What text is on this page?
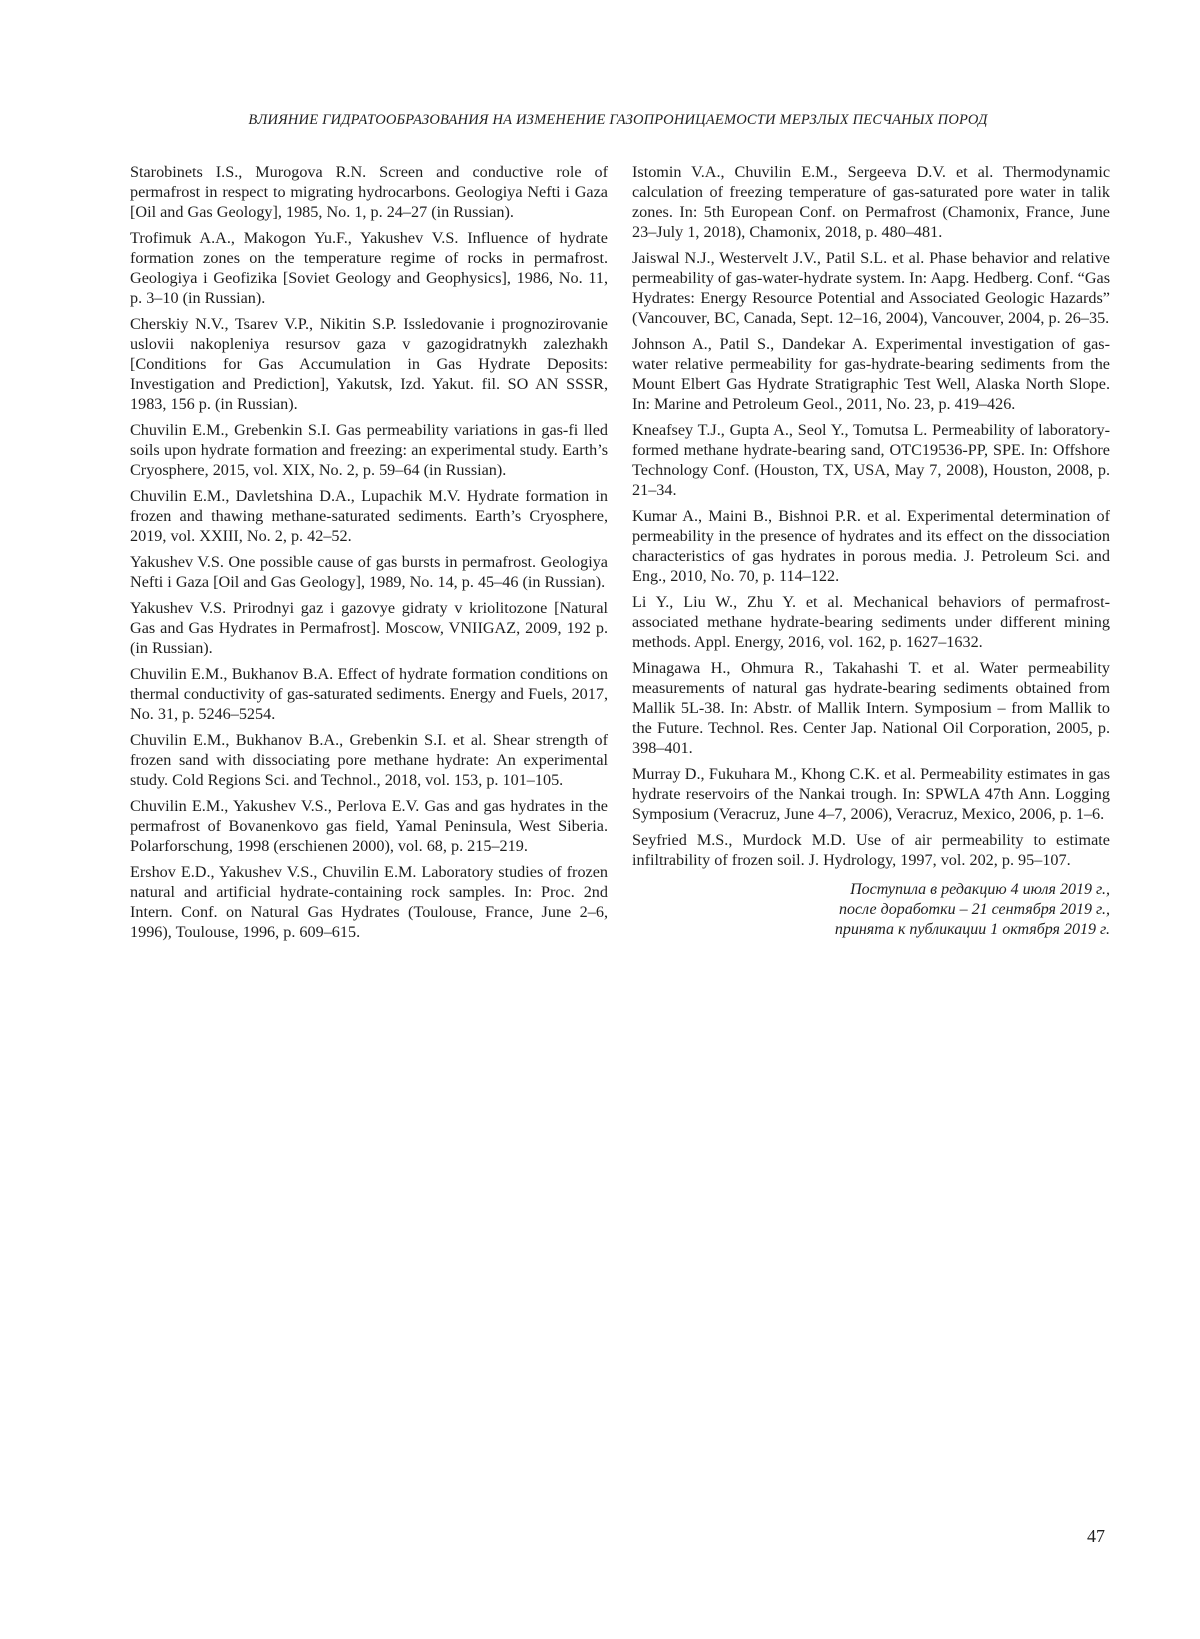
ВЛИЯНИЕ ГИДРАТООБРАЗОВАНИЯ НА ИЗМЕНЕНИЕ ГАЗОПРОНИЦАЕМОСТИ МЕРЗЛЫХ ПЕСЧАНЫХ ПОРОД

Starobinets I.S., Murogova R.N. Screen and conductive role of permafrost in respect to migrating hydrocarbons. Geologiya Nefti i Gaza [Oil and Gas Geology], 1985, No. 1, p. 24–27 (in Russian).

Trofimuk A.A., Makogon Yu.F., Yakushev V.S. Influence of hydrate formation zones on the temperature regime of rocks in permafrost. Geologiya i Geofizika [Soviet Geology and Geophysics], 1986, No. 11, p. 3–10 (in Russian).

Cherskiy N.V., Tsarev V.P., Nikitin S.P. Issledovanie i prognozirovanie uslovii nakopleniya resursov gaza v gazogidratnykh zalezhakh [Conditions for Gas Accumulation in Gas Hydrate Deposits: Investigation and Prediction], Yakutsk, Izd. Yakut. fil. SO AN SSSR, 1983, 156 p. (in Russian).

Chuvilin E.M., Grebenkin S.I. Gas permeability variations in gas-fi lled soils upon hydrate formation and freezing: an experimental study. Earth’s Cryosphere, 2015, vol. XIX, No. 2, p. 59–64 (in Russian).

Chuvilin E.M., Davletshina D.A., Lupachik M.V. Hydrate formation in frozen and thawing methane-saturated sediments. Earth’s Cryosphere, 2019, vol. XXIII, No. 2, p. 42–52.

Yakushev V.S. One possible cause of gas bursts in permafrost. Geologiya Nefti i Gaza [Oil and Gas Geology], 1989, No. 14, p. 45–46 (in Russian).

Yakushev V.S. Prirodnyi gaz i gazovye gidraty v kriolitozone [Natural Gas and Gas Hydrates in Permafrost]. Moscow, VNIIGAZ, 2009, 192 p. (in Russian).

Chuvilin E.M., Bukhanov B.A. Effect of hydrate formation conditions on thermal conductivity of gas-saturated sediments. Energy and Fuels, 2017, No. 31, p. 5246–5254.

Chuvilin E.M., Bukhanov B.A., Grebenkin S.I. et al. Shear strength of frozen sand with dissociating pore methane hydrate: An experimental study. Cold Regions Sci. and Technol., 2018, vol. 153, p. 101–105.

Chuvilin E.M., Yakushev V.S., Perlova E.V. Gas and gas hydrates in the permafrost of Bovanenkovo gas field, Yamal Peninsula, West Siberia. Polarforschung, 1998 (erschienen 2000), vol. 68, p. 215–219.

Ershov E.D., Yakushev V.S., Chuvilin E.M. Laboratory studies of frozen natural and artificial hydrate-containing rock samples. In: Proc. 2nd Intern. Conf. on Natural Gas Hydrates (Toulouse, France, June 2–6, 1996), Toulouse, 1996, p. 609–615.

Istomin V.A., Chuvilin E.M., Sergeeva D.V. et al. Thermodynamic calculation of freezing temperature of gas-saturated pore water in talik zones. In: 5th European Conf. on Permafrost (Chamonix, France, June 23–July 1, 2018), Chamonix, 2018, p. 480–481.

Jaiswal N.J., Westervelt J.V., Patil S.L. et al. Phase behavior and relative permeability of gas-water-hydrate system. In: Aapg. Hedberg. Conf. “Gas Hydrates: Energy Resource Potential and Associated Geologic Hazards” (Vancouver, BC, Canada, Sept. 12–16, 2004), Vancouver, 2004, p. 26–35.

Johnson A., Patil S., Dandekar A. Experimental investigation of gas-water relative permeability for gas-hydrate-bearing sediments from the Mount Elbert Gas Hydrate Stratigraphic Test Well, Alaska North Slope. In: Marine and Petroleum Geol., 2011, No. 23, p. 419–426.

Kneafsey T.J., Gupta A., Seol Y., Tomutsa L. Permeability of laboratory-formed methane hydrate-bearing sand, OTC19536-PP, SPE. In: Offshore Technology Conf. (Houston, TX, USA, May 7, 2008), Houston, 2008, p. 21–34.

Kumar A., Maini B., Bishnoi P.R. et al. Experimental determination of permeability in the presence of hydrates and its effect on the dissociation characteristics of gas hydrates in porous media. J. Petroleum Sci. and Eng., 2010, No. 70, p. 114–122.

Li Y., Liu W., Zhu Y. et al. Mechanical behaviors of permafrost-associated methane hydrate-bearing sediments under different mining methods. Appl. Energy, 2016, vol. 162, p. 1627–1632.

Minagawa H., Ohmura R., Takahashi T. et al. Water permeability measurements of natural gas hydrate-bearing sediments obtained from Mallik 5L-38. In: Abstr. of Mallik Intern. Symposium – from Mallik to the Future. Technol. Res. Center Jap. National Oil Corporation, 2005, p. 398–401.

Murray D., Fukuhara M., Khong C.K. et al. Permeability estimates in gas hydrate reservoirs of the Nankai trough. In: SPWLA 47th Ann. Logging Symposium (Veracruz, June 4–7, 2006), Veracruz, Mexico, 2006, p. 1–6.

Seyfried M.S., Murdock M.D. Use of air permeability to estimate infiltrability of frozen soil. J. Hydrology, 1997, vol. 202, p. 95–107.

Поступила в редакцию 4 июля 2019 г.,
после доработки – 21 сентября 2019 г.,
принята к публикации 1 октября 2019 г.
47
